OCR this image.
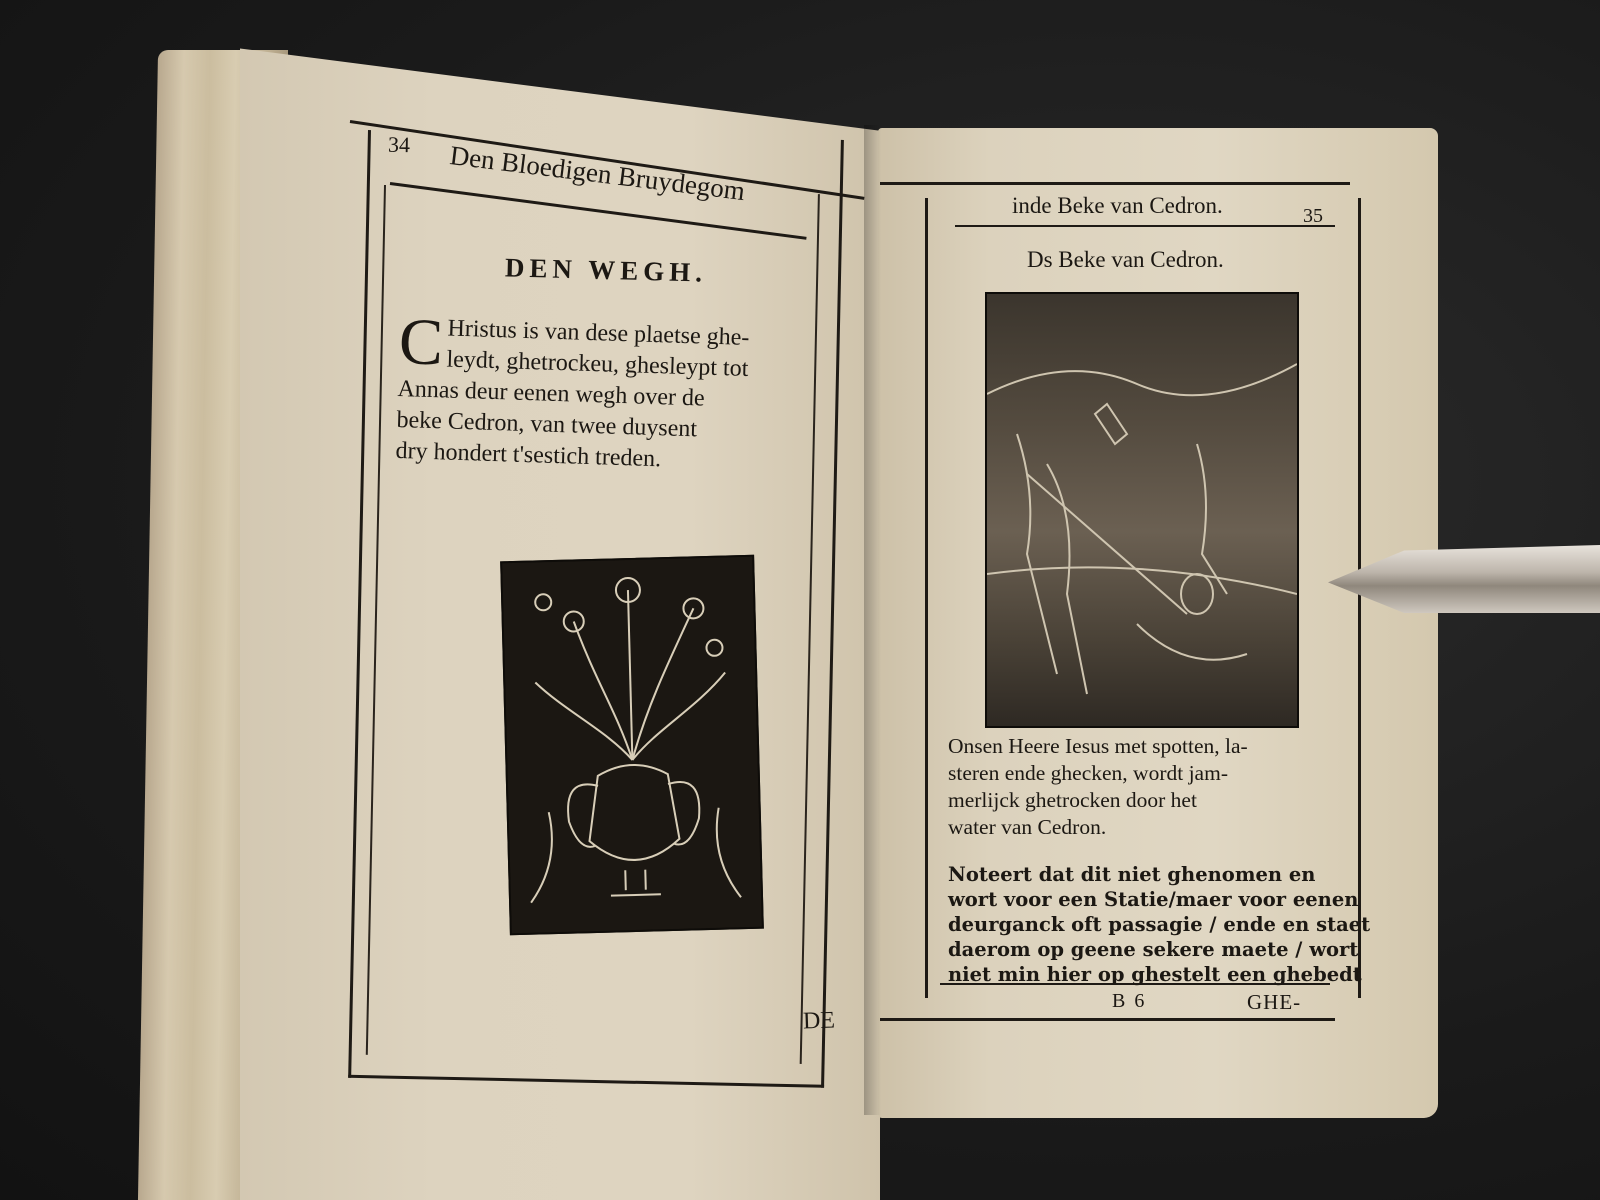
34 Den Bloedigen Bruydegom
DEN WEGH.
C Hristus is van dese plaetse ghe-
leydt, ghetrockeu, ghesleypt tot
Annas deur eenen wegh over de
beke Cedron, van twee duysent
dry hondert t'sestich treden.
DE
inde Beke van Cedron.	35
Ds Beke van Cedron.
Onsen Heere Iesus met spotten, la-
steren ende ghecken, wordt jam-
merlijck ghetrocken door het
water van Cedron.
Noteert dat dit niet ghenomen en
wort voor een Statie/maer voor eenen
deurganck oft passagie / ende en staet
daerom op geene sekere maete / wort
niet min hier op ghestelt een ghebedt
B 6	GHE-
